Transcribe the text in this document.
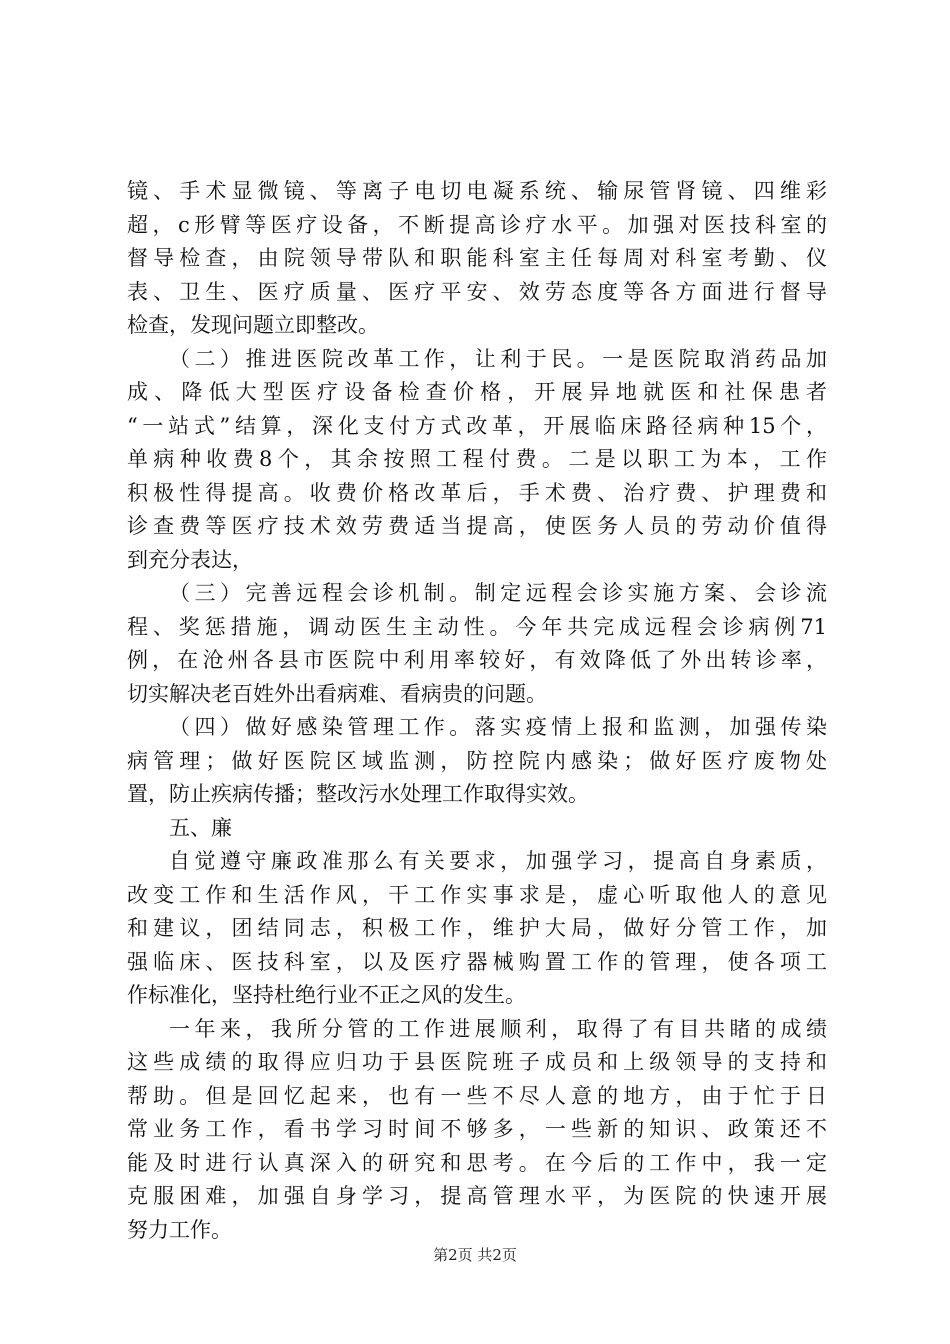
镜、手术显微镜、等离子电切电凝系统、输尿管肾镜、四维彩
超，c形臂等医疗设备，不断提高诊疗水平。加强对医技科室的
督导检查，由院领导带队和职能科室主任每周对科室考勤、仪
表、卫生、医疗质量、医疗平安、效劳态度等各方面进行督导
检查，发现问题立即整改。
（二）推进医院改革工作，让利于民。一是医院取消药品加
成、降低大型医疗设备检查价格，开展异地就医和社保患者
“一站式”结算，深化支付方式改革，开展临床路径病种15个，
单病种收费8个，其余按照工程付费。二是以职工为本，工作
积极性得提高。收费价格改革后，手术费、治疗费、护理费和
诊查费等医疗技术效劳费适当提高，使医务人员的劳动价值得
到充分表达，
（三）完善远程会诊机制。制定远程会诊实施方案、会诊流
程、奖惩措施，调动医生主动性。今年共完成远程会诊病例71
例，在沧州各县市医院中利用率较好，有效降低了外出转诊率，
切实解决老百姓外出看病难、看病贵的问题。
（四）做好感染管理工作。落实疫情上报和监测，加强传染
病管理；做好医院区域监测，防控院内感染；做好医疗废物处
置，防止疾病传播；整改污水处理工作取得实效。
五、廉
自觉遵守廉政准那么有关要求，加强学习，提高自身素质，
改变工作和生活作风，干工作实事求是，虚心听取他人的意见
和建议，团结同志，积极工作，维护大局，做好分管工作，加
强临床、医技科室，以及医疗器械购置工作的管理，使各项工
作标准化，坚持杜绝行业不正之风的发生。
一年来，我所分管的工作进展顺利，取得了有目共睹的成绩
这些成绩的取得应归功于县医院班子成员和上级领导的支持和
帮助。但是回忆起来，也有一些不尽人意的地方，由于忙于日
常业务工作，看书学习时间不够多，一些新的知识、政策还不
能及时进行认真深入的研究和思考。在今后的工作中，我一定
克服困难，加强自身学习，提高管理水平，为医院的快速开展
努力工作。
第2页 共2页
